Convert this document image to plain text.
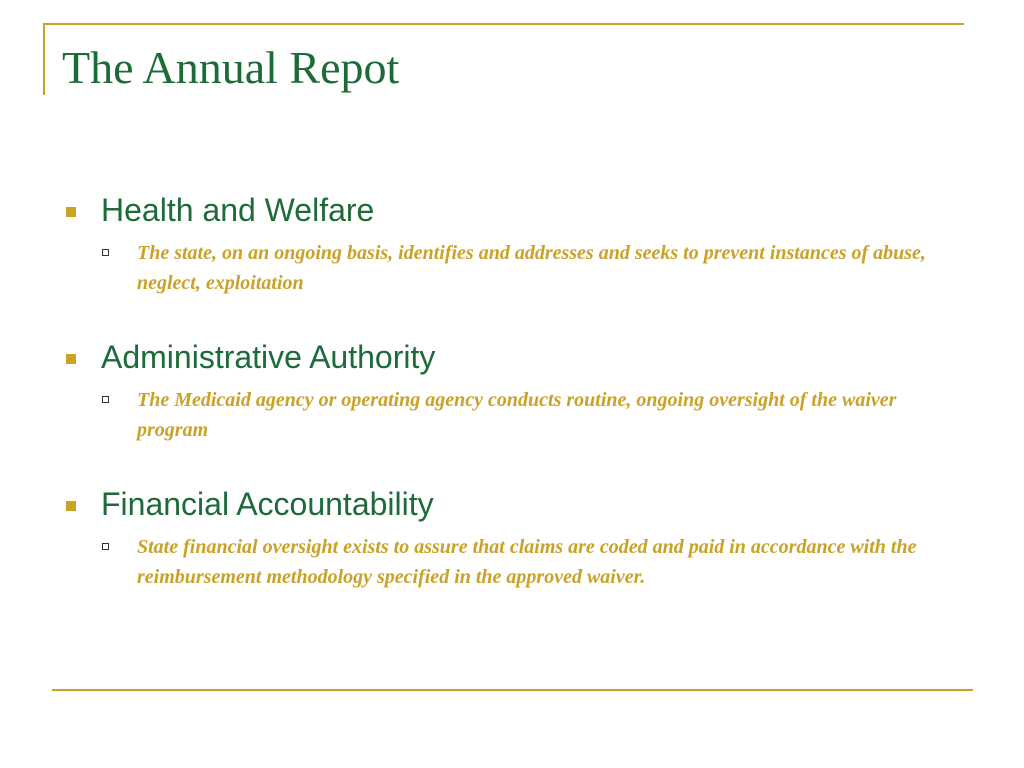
The Annual Repot
Health and Welfare
The state, on an ongoing basis, identifies and addresses and seeks to prevent instances of abuse, neglect, exploitation
Administrative Authority
The Medicaid agency or operating agency conducts routine, ongoing oversight of the waiver program
Financial Accountability
State financial oversight exists to assure that claims are coded and paid in accordance with the reimbursement methodology specified in the approved waiver.
